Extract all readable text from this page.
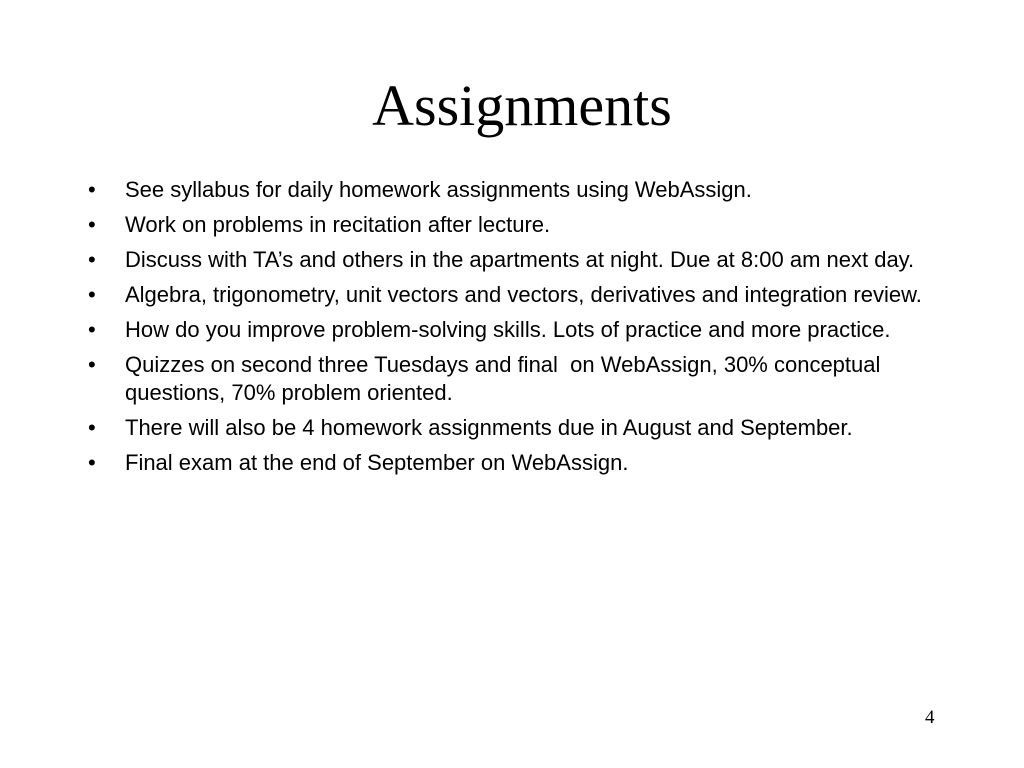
Assignments
•	See syllabus for daily homework assignments using WebAssign.
•	Work on problems in recitation after lecture.
•	Discuss with TA’s and others in the apartments at night. Due at 8:00 am next day.
•	Algebra, trigonometry, unit vectors and vectors, derivatives and integration review.
•	How do you improve problem-solving skills. Lots of practice and more practice.
•	Quizzes on second three Tuesdays and final  on WebAssign, 30% conceptual questions, 70% problem oriented.
•	There will also be 4 homework assignments due in August and September.
•	Final exam at the end of September on WebAssign.
4
